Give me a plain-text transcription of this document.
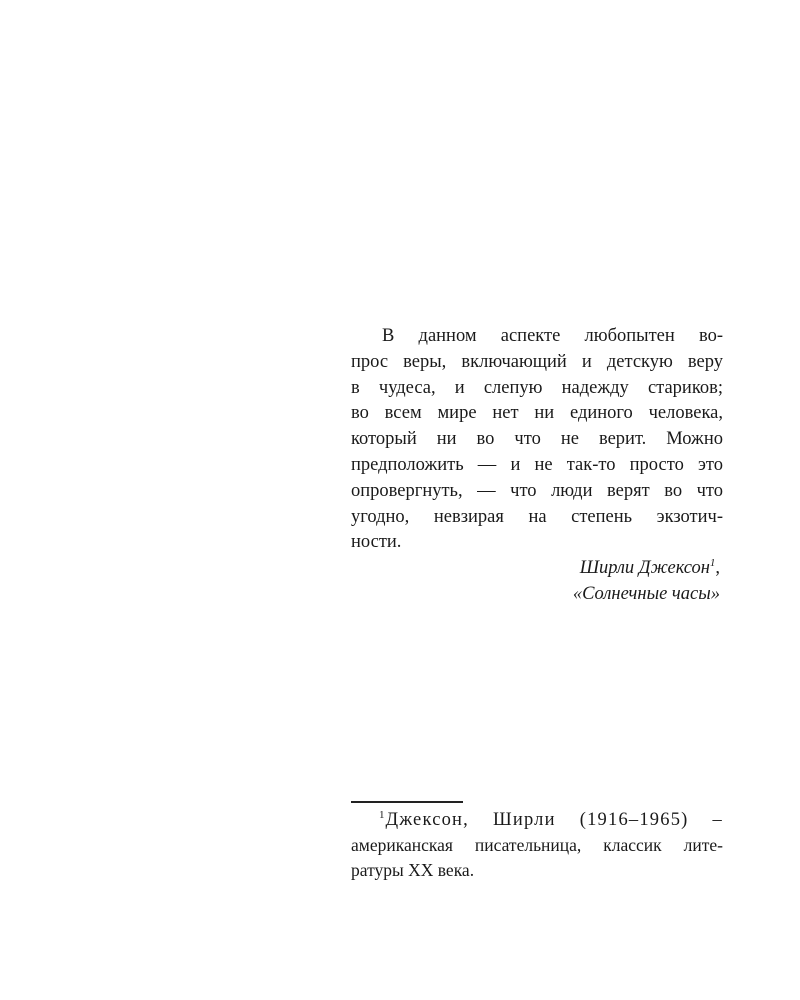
В данном аспекте любопытен во-
прос веры, включающий и детскую веру
в чудеса, и слепую надежду стариков;
во всем мире нет ни единого человека,
который ни во что не верит. Можно
предположить — и не так-то просто это
опровергнуть, — что люди верят во что
угодно, невзирая на степень экзотич-
ности.
Ширли Джексон$^1$,
«Солнечные часы»
$^1$Джексон, Ширли (1916–1965) –
американская писательница, классик лите-
ратуры XX века.
